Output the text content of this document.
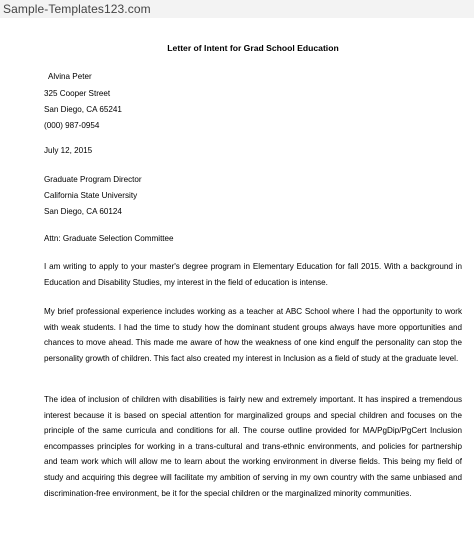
Sample-Templates123.com
Letter of Intent for Grad School Education
Alvina Peter
325 Cooper Street
San Diego, CA 65241
(000) 987-0954
July 12, 2015
Graduate Program Director
California State University
San Diego, CA 60124
Attn: Graduate Selection Committee

I am writing to apply to your master's degree program in Elementary Education for fall 2015. With a background in Education and Disability Studies, my interest in the field of education is intense.

My brief professional experience includes working as a teacher at ABC School where I had the opportunity to work with weak students. I had the time to study how the dominant student groups always have more opportunities and chances to move ahead. This made me aware of how the weakness of one kind engulf the personality can stop the personality growth of children. This fact also created my interest in Inclusion as a field of study at the graduate level.

The idea of inclusion of children with disabilities is fairly new and extremely important. It has inspired a tremendous interest because it is based on special attention for marginalized groups and special children and focuses on the principle of the same curricula and conditions for all. The course outline provided for MA/PgDip/PgCert Inclusion encompasses principles for working in a trans-cultural and trans-ethnic environments, and policies for partnership and team work which will allow me to learn about the working environment in diverse fields. This being my field of study and acquiring this degree will facilitate my ambition of serving in my own country with the same unbiased and discrimination-free environment, be it for the special children or the marginalized minority communities.
